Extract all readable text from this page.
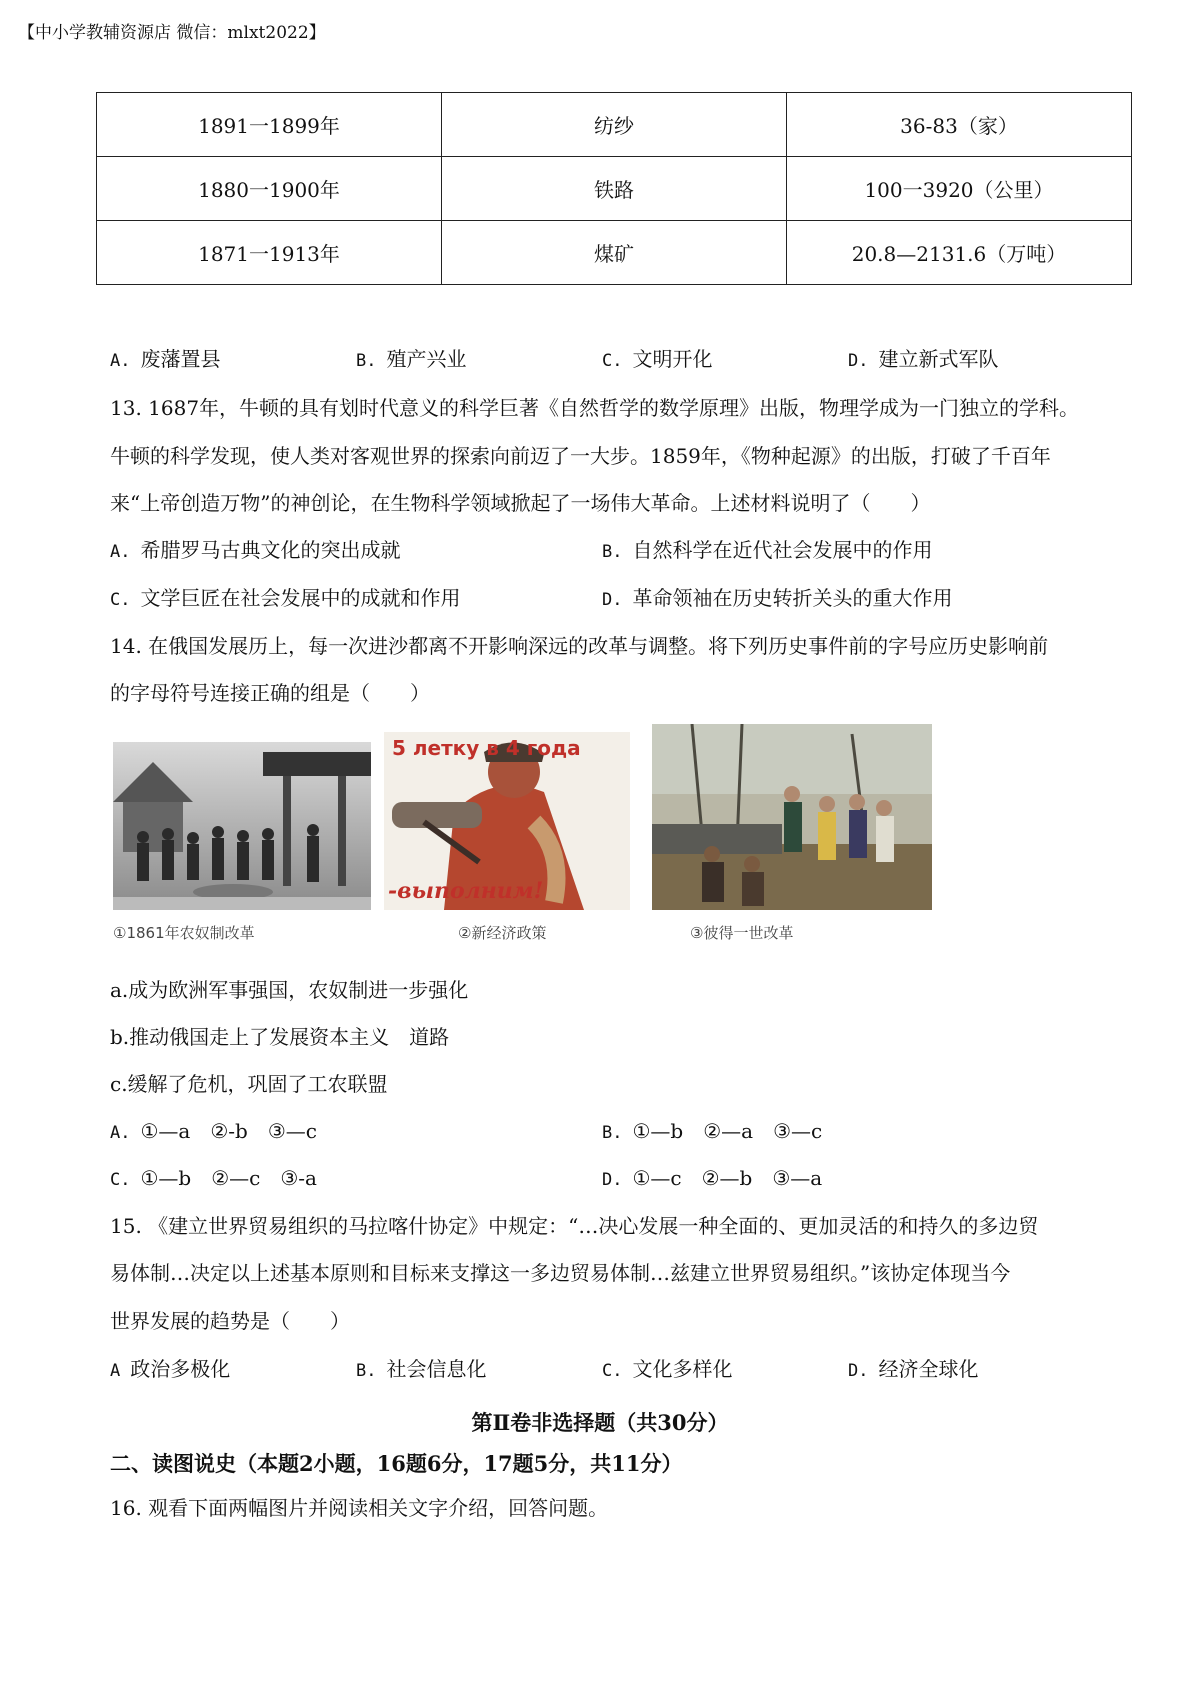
【中小学教辅资源店 微信：mlxt2022】
1891一1899年	纺纱	36-83（家）
1880一1900年	铁路	100一3920（公里）
1871一1913年	煤矿	20.8—2131.6（万吨）
A. 废藩置县	B. 殖产兴业	C. 文明开化	D. 建立新式军队
13. 1687年，牛顿的具有划时代意义的科学巨著《自然哲学的数学原理》出版，物理学成为一门独立的学科。
牛顿的科学发现，使人类对客观世界的探索向前迈了一大步。1859年，《物种起源》的出版，打破了千百年
来“上帝创造万物”的神创论，在生物科学领域掀起了一场伟大革命。上述材料说明了（　　）
A. 希腊罗马古典文化的突出成就	B. 自然科学在近代社会发展中的作用
C. 文学巨匠在社会发展中的成就和作用	D. 革命领袖在历史转折关头的重大作用
14. 在俄国发展历上，每一次进沙都离不开影响深远的改革与调整。将下列历史事件前的字号应历史影响前
的字母符号连接正确的组是（　　）
①1861年农奴制改革
5 летку в 4 года
-выполним!
②新经济政策	③彼得一世改革
a.成为欧洲军事强国，农奴制进一步强化
b.推动俄国走上了发展资本主义　道路
c.缓解了危机，巩固了工农联盟
A. ①—a　②-b　③—c	B. ①—b　②—a　③—c
C. ①—b　②—c　③-a	D. ①—c　②—b　③—a
15. 《建立世界贸易组织的马拉喀什协定》中规定：“…决心发展一种全面的、更加灵活的和持久的多边贸
易体制…决定以上述基本原则和目标来支撑这一多边贸易体制…兹建立世界贸易组织。”该协定体现当今
世界发展的趋势是（　　）
A 政治多极化	B. 社会信息化	C. 文化多样化	D. 经济全球化
第Ⅱ卷非选择题（共30分）
二、读图说史（本题2小题，16题6分，17题5分，共11分）
16. 观看下面两幅图片并阅读相关文字介绍，回答问题。
